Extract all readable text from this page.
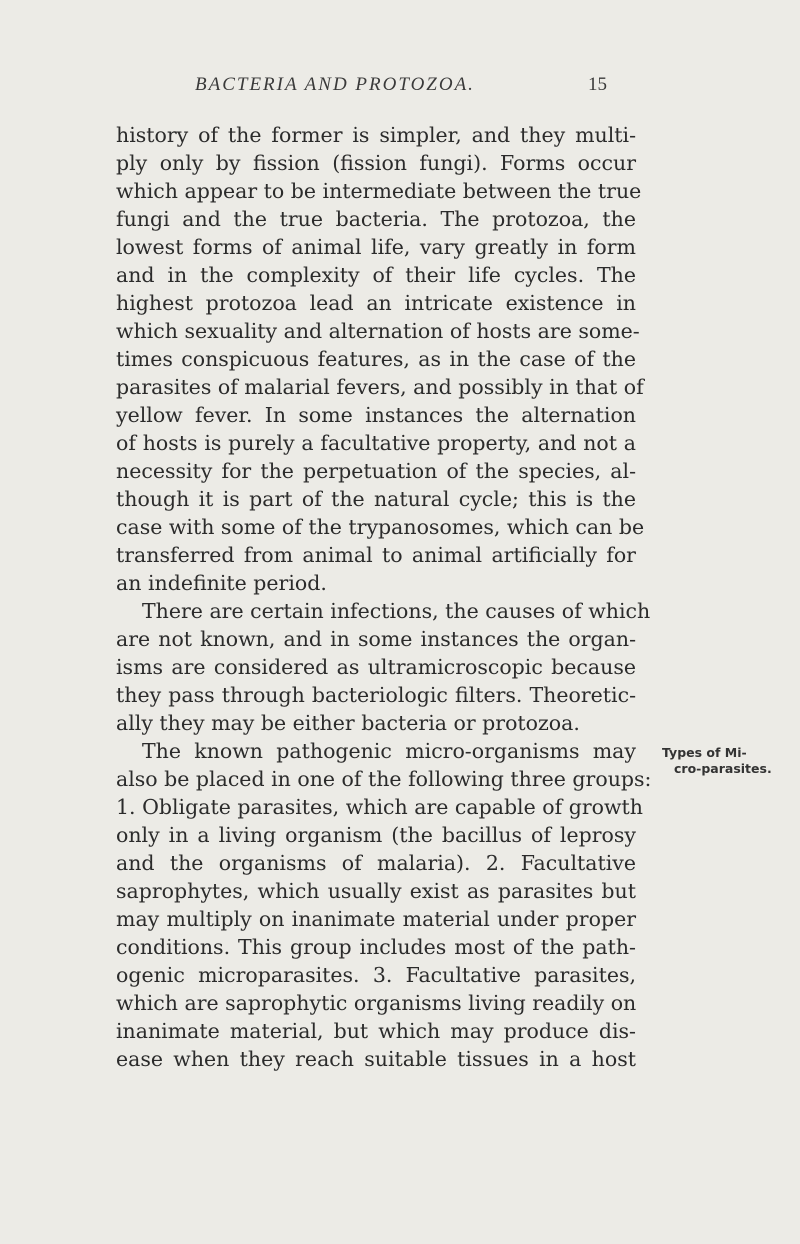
BACTERIA AND PROTOZOA.	15
history of the former is simpler, and they multi-
ply only by fission (fission fungi). Forms occur
which appear to be intermediate between the true
fungi and the true bacteria. The protozoa, the
lowest forms of animal life, vary greatly in form
and in the complexity of their life cycles. The
highest protozoa lead an intricate existence in
which sexuality and alternation of hosts are some-
times conspicuous features, as in the case of the
parasites of malarial fevers, and possibly in that of
yellow fever. In some instances the alternation
of hosts is purely a facultative property, and not a
necessity for the perpetuation of the species, al-
though it is part of the natural cycle; this is the
case with some of the trypanosomes, which can be
transferred from animal to animal artificially for
an indefinite period.
There are certain infections, the causes of which
are not known, and in some instances the organ-
isms are considered as ultramicroscopic because
they pass through bacteriologic filters. Theoretic-
ally they may be either bacteria or protozoa.
The known pathogenic micro-organisms may
also be placed in one of the following three groups:
1. Obligate parasites, which are capable of growth
only in a living organism (the bacillus of leprosy
and the organisms of malaria). 2. Facultative
saprophytes, which usually exist as parasites but
may multiply on inanimate material under proper
conditions. This group includes most of the path-
ogenic microparasites. 3. Facultative parasites,
which are saprophytic organisms living readily on
inanimate material, but which may produce dis-
ease when they reach suitable tissues in a host
Types of Mi-
cro-parasites.
